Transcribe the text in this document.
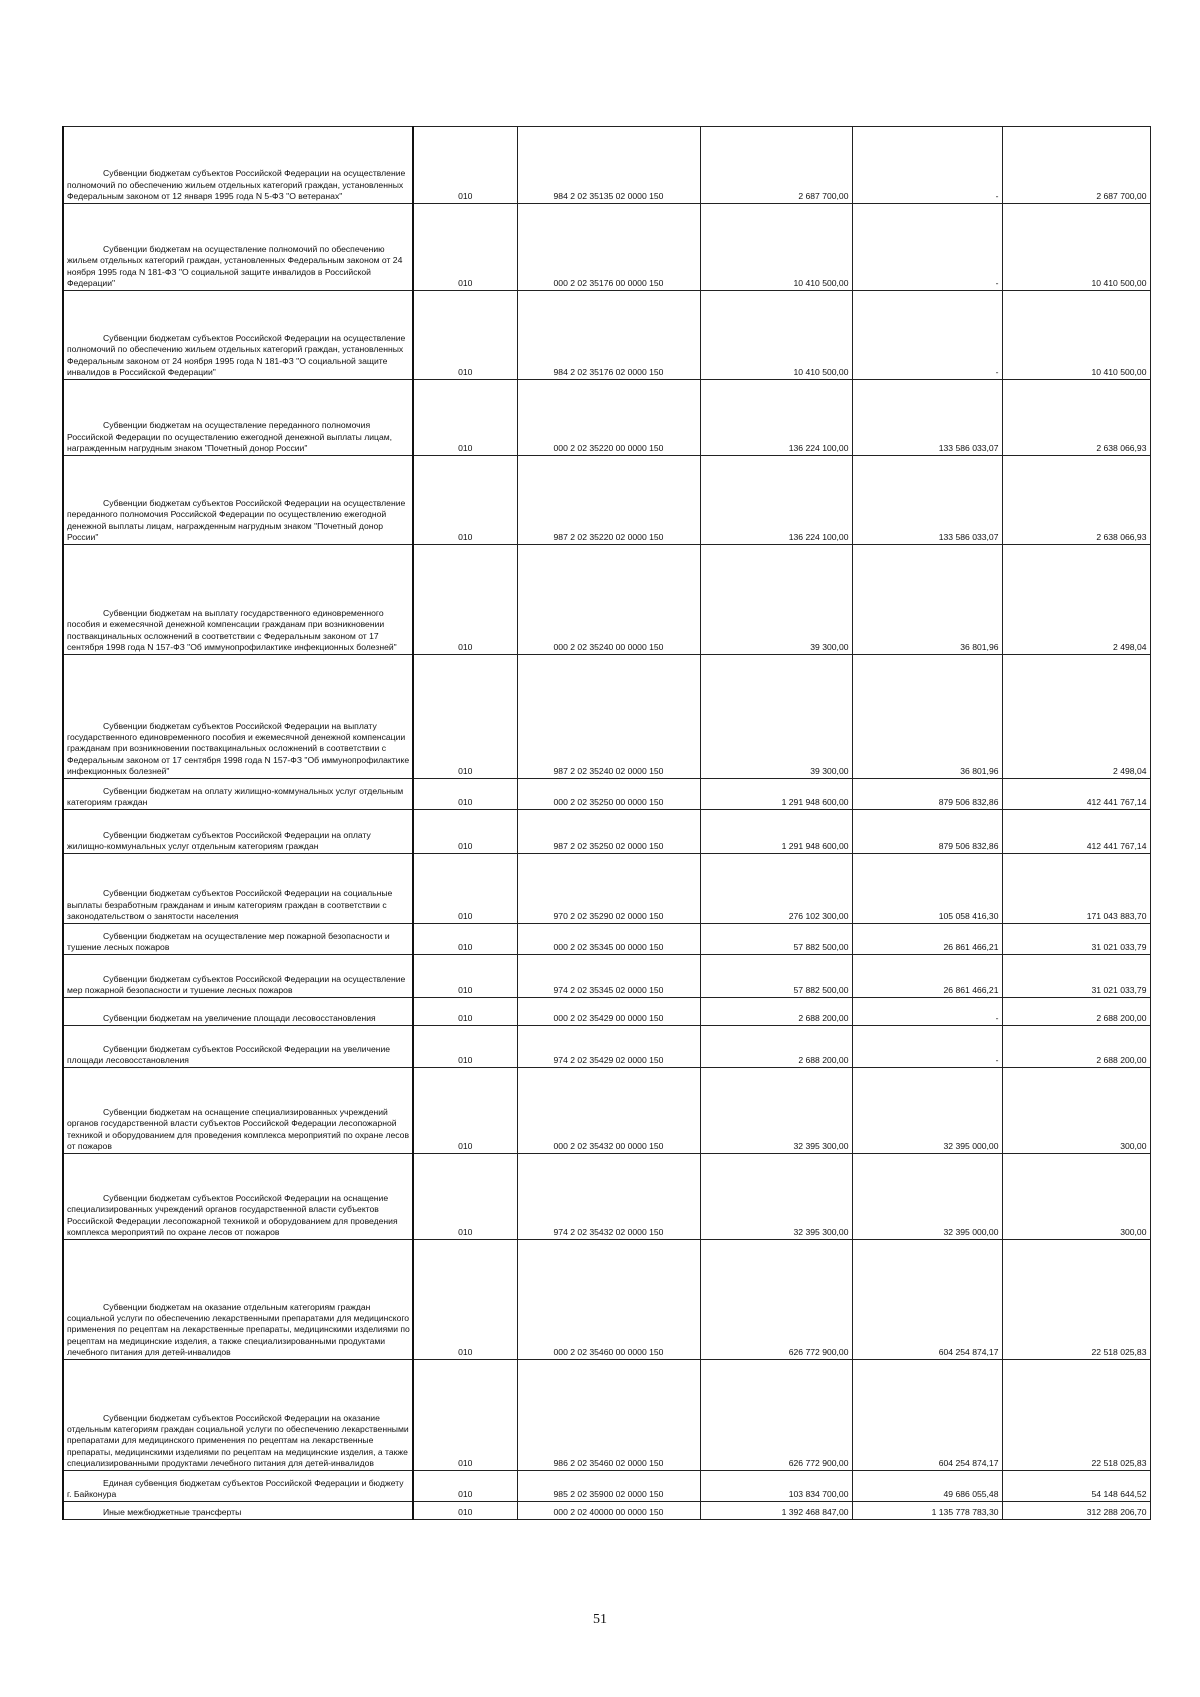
Субвенции бюджетам субъектов Российской Федерации на осуществление полномочий по обеспечению жильем отдельных категорий граждан, установленных Федеральным законом от 12 января 1995 года N 5-ФЗ "О ветеранах"	010	984 2 02 35135 02 0000 150	2 687 700,00	-	2 687 700,00

Субвенции бюджетам на осуществление полномочий по обеспечению жильем отдельных категорий граждан, установленных Федеральным законом от 24 ноября 1995 года N 181-ФЗ "О социальной защите инвалидов в Российской Федерации"	010	000 2 02 35176 00 0000 150	10 410 500,00	-	10 410 500,00

Субвенции бюджетам субъектов Российской Федерации на осуществление полномочий по обеспечению жильем отдельных категорий граждан, установленных Федеральным законом от 24 ноября 1995 года N 181-ФЗ "О социальной защите инвалидов в Российской Федерации"	010	984 2 02 35176 02 0000 150	10 410 500,00	-	10 410 500,00

Субвенции бюджетам на осуществление переданного полномочия Российской Федерации по осуществлению ежегодной денежной выплаты лицам, награжденным нагрудным знаком "Почетный донор России"	010	000 2 02 35220 00 0000 150	136 224 100,00	133 586 033,07	2 638 066,93

Субвенции бюджетам субъектов Российской Федерации на осуществление переданного полномочия Российской Федерации по осуществлению ежегодной денежной выплаты лицам, награжденным нагрудным знаком "Почетный донор России"	010	987 2 02 35220 02 0000 150	136 224 100,00	133 586 033,07	2 638 066,93

Субвенции бюджетам на выплату государственного единовременного пособия и ежемесячной денежной компенсации гражданам при возникновении поствакцинальных осложнений в соответствии с Федеральным законом от 17 сентября 1998 года N 157-ФЗ "Об иммунопрофилактике инфекционных болезней"	010	000 2 02 35240 00 0000 150	39 300,00	36 801,96	2 498,04

Субвенции бюджетам субъектов Российской Федерации на выплату государственного единовременного пособия и ежемесячной денежной компенсации гражданам при возникновении поствакцинальных осложнений в соответствии с Федеральным законом от 17 сентября 1998 года N 157-ФЗ "Об иммунопрофилактике инфекционных болезней"	010	987 2 02 35240 02 0000 150	39 300,00	36 801,96	2 498,04

Субвенции бюджетам на оплату жилищно-коммунальных услуг отдельным категориям граждан	010	000 2 02 35250 00 0000 150	1 291 948 600,00	879 506 832,86	412 441 767,14

Субвенции бюджетам субъектов Российской Федерации на оплату жилищно-коммунальных услуг отдельным категориям граждан	010	987 2 02 35250 02 0000 150	1 291 948 600,00	879 506 832,86	412 441 767,14

Субвенции бюджетам субъектов Российской Федерации на социальные выплаты безработным гражданам и иным категориям граждан в соответствии с законодательством о занятости населения	010	970 2 02 35290 02 0000 150	276 102 300,00	105 058 416,30	171 043 883,70

Субвенции бюджетам на осуществление мер пожарной безопасности и тушение лесных пожаров	010	000 2 02 35345 00 0000 150	57 882 500,00	26 861 466,21	31 021 033,79

Субвенции бюджетам субъектов Российской Федерации на осуществление мер пожарной безопасности и тушение лесных пожаров	010	974 2 02 35345 02 0000 150	57 882 500,00	26 861 466,21	31 021 033,79

Субвенции бюджетам на увеличение площади лесовосстановления	010	000 2 02 35429 00 0000 150	2 688 200,00	-	2 688 200,00

Субвенции бюджетам субъектов Российской Федерации на увеличение площади лесовосстановления	010	974 2 02 35429 02 0000 150	2 688 200,00	-	2 688 200,00

Субвенции бюджетам на оснащение специализированных учреждений органов государственной власти субъектов Российской Федерации лесопожарной техникой и оборудованием для проведения комплекса мероприятий по охране лесов от пожаров	010	000 2 02 35432 00 0000 150	32 395 300,00	32 395 000,00	300,00

Субвенции бюджетам субъектов Российской Федерации на оснащение специализированных учреждений органов государственной власти субъектов Российской Федерации лесопожарной техникой и оборудованием для проведения комплекса мероприятий по охране лесов от пожаров	010	974 2 02 35432 02 0000 150	32 395 300,00	32 395 000,00	300,00

Субвенции бюджетам на оказание отдельным категориям граждан социальной услуги по обеспечению лекарственными препаратами для медицинского применения по рецептам на лекарственные препараты, медицинскими изделиями по рецептам на медицинские изделия, а также специализированными продуктами лечебного питания для детей-инвалидов	010	000 2 02 35460 00 0000 150	626 772 900,00	604 254 874,17	22 518 025,83

Субвенции бюджетам субъектов Российской Федерации на оказание отдельным категориям граждан социальной услуги по обеспечению лекарственными препаратами для медицинского применения по рецептам на лекарственные препараты, медицинскими изделиями по рецептам на медицинские изделия, а также специализированными продуктами лечебного питания для детей-инвалидов	010	986 2 02 35460 02 0000 150	626 772 900,00	604 254 874,17	22 518 025,83

Единая субвенция бюджетам субъектов Российской Федерации и бюджету г. Байконура	010	985 2 02 35900 02 0000 150	103 834 700,00	49 686 055,48	54 148 644,52

Иные межбюджетные трансферты	010	000 2 02 40000 00 0000 150	1 392 468 847,00	1 135 778 783,30	312 288 206,70
51
